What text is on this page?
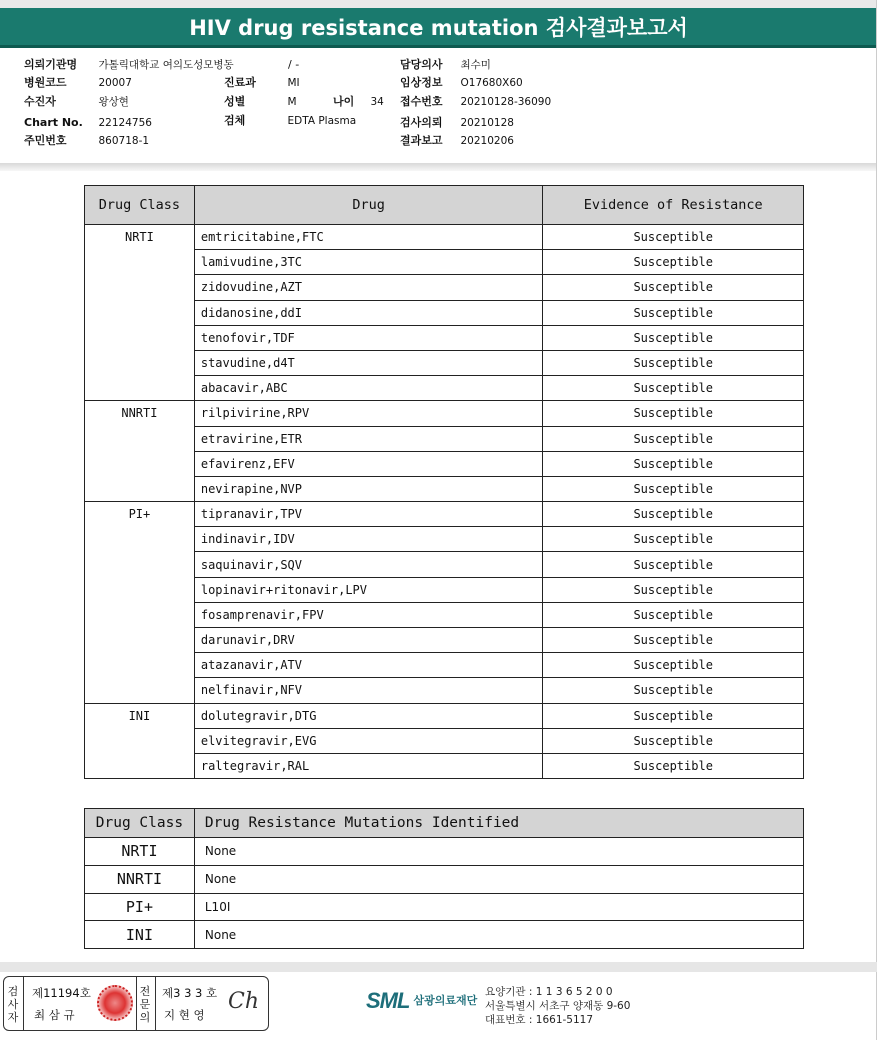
HIV drug resistance mutation 검사결과보고서
의뢰기관명 가톨릭대학교 여의도성모병동
병원코드	20007
수진자	왕상현
Chart No. 22124756
주민번호	860718-1
/ -
진료과	MI
성별	M	나이 34
검체	EDTA Plasma
담당의사 최수미
임상정보 O17680X60
접수번호 20210128-36090
검사의뢰 20210128
결과보고 20210206
Drug Class	Drug	Evidence of Resistance
NRTI	emtricitabine,FTC	Susceptible
	lamivudine,3TC	Susceptible
	zidovudine,AZT	Susceptible
	didanosine,ddI	Susceptible
	tenofovir,TDF	Susceptible
	stavudine,d4T	Susceptible
	abacavir,ABC	Susceptible
NNRTI	rilpivirine,RPV	Susceptible
	etravirine,ETR	Susceptible
	efavirenz,EFV	Susceptible
	nevirapine,NVP	Susceptible
PI+	tipranavir,TPV	Susceptible
	indinavir,IDV	Susceptible
	saquinavir,SQV	Susceptible
	lopinavir+ritonavir,LPV	Susceptible
	fosamprenavir,FPV	Susceptible
	darunavir,DRV	Susceptible
	atazanavir,ATV	Susceptible
	nelfinavir,NFV	Susceptible
INI	dolutegravir,DTG	Susceptible
	elvitegravir,EVG	Susceptible
	raltegravir,RAL	Susceptible
Drug Class	Drug Resistance Mutations Identified
NRTI	None
NNRTI	None
PI+	L10I
INI	None
검
사
자
제11194호
최 삼 규
전
문
의
제3 3 3 호
지 현 영
Ch	SML $^{삼광의료재단}$
요양기관 : 1 1 3 6 5 2 0 0
서울특별시 서초구 양재동 9-60
대표번호 : 1661-5117
